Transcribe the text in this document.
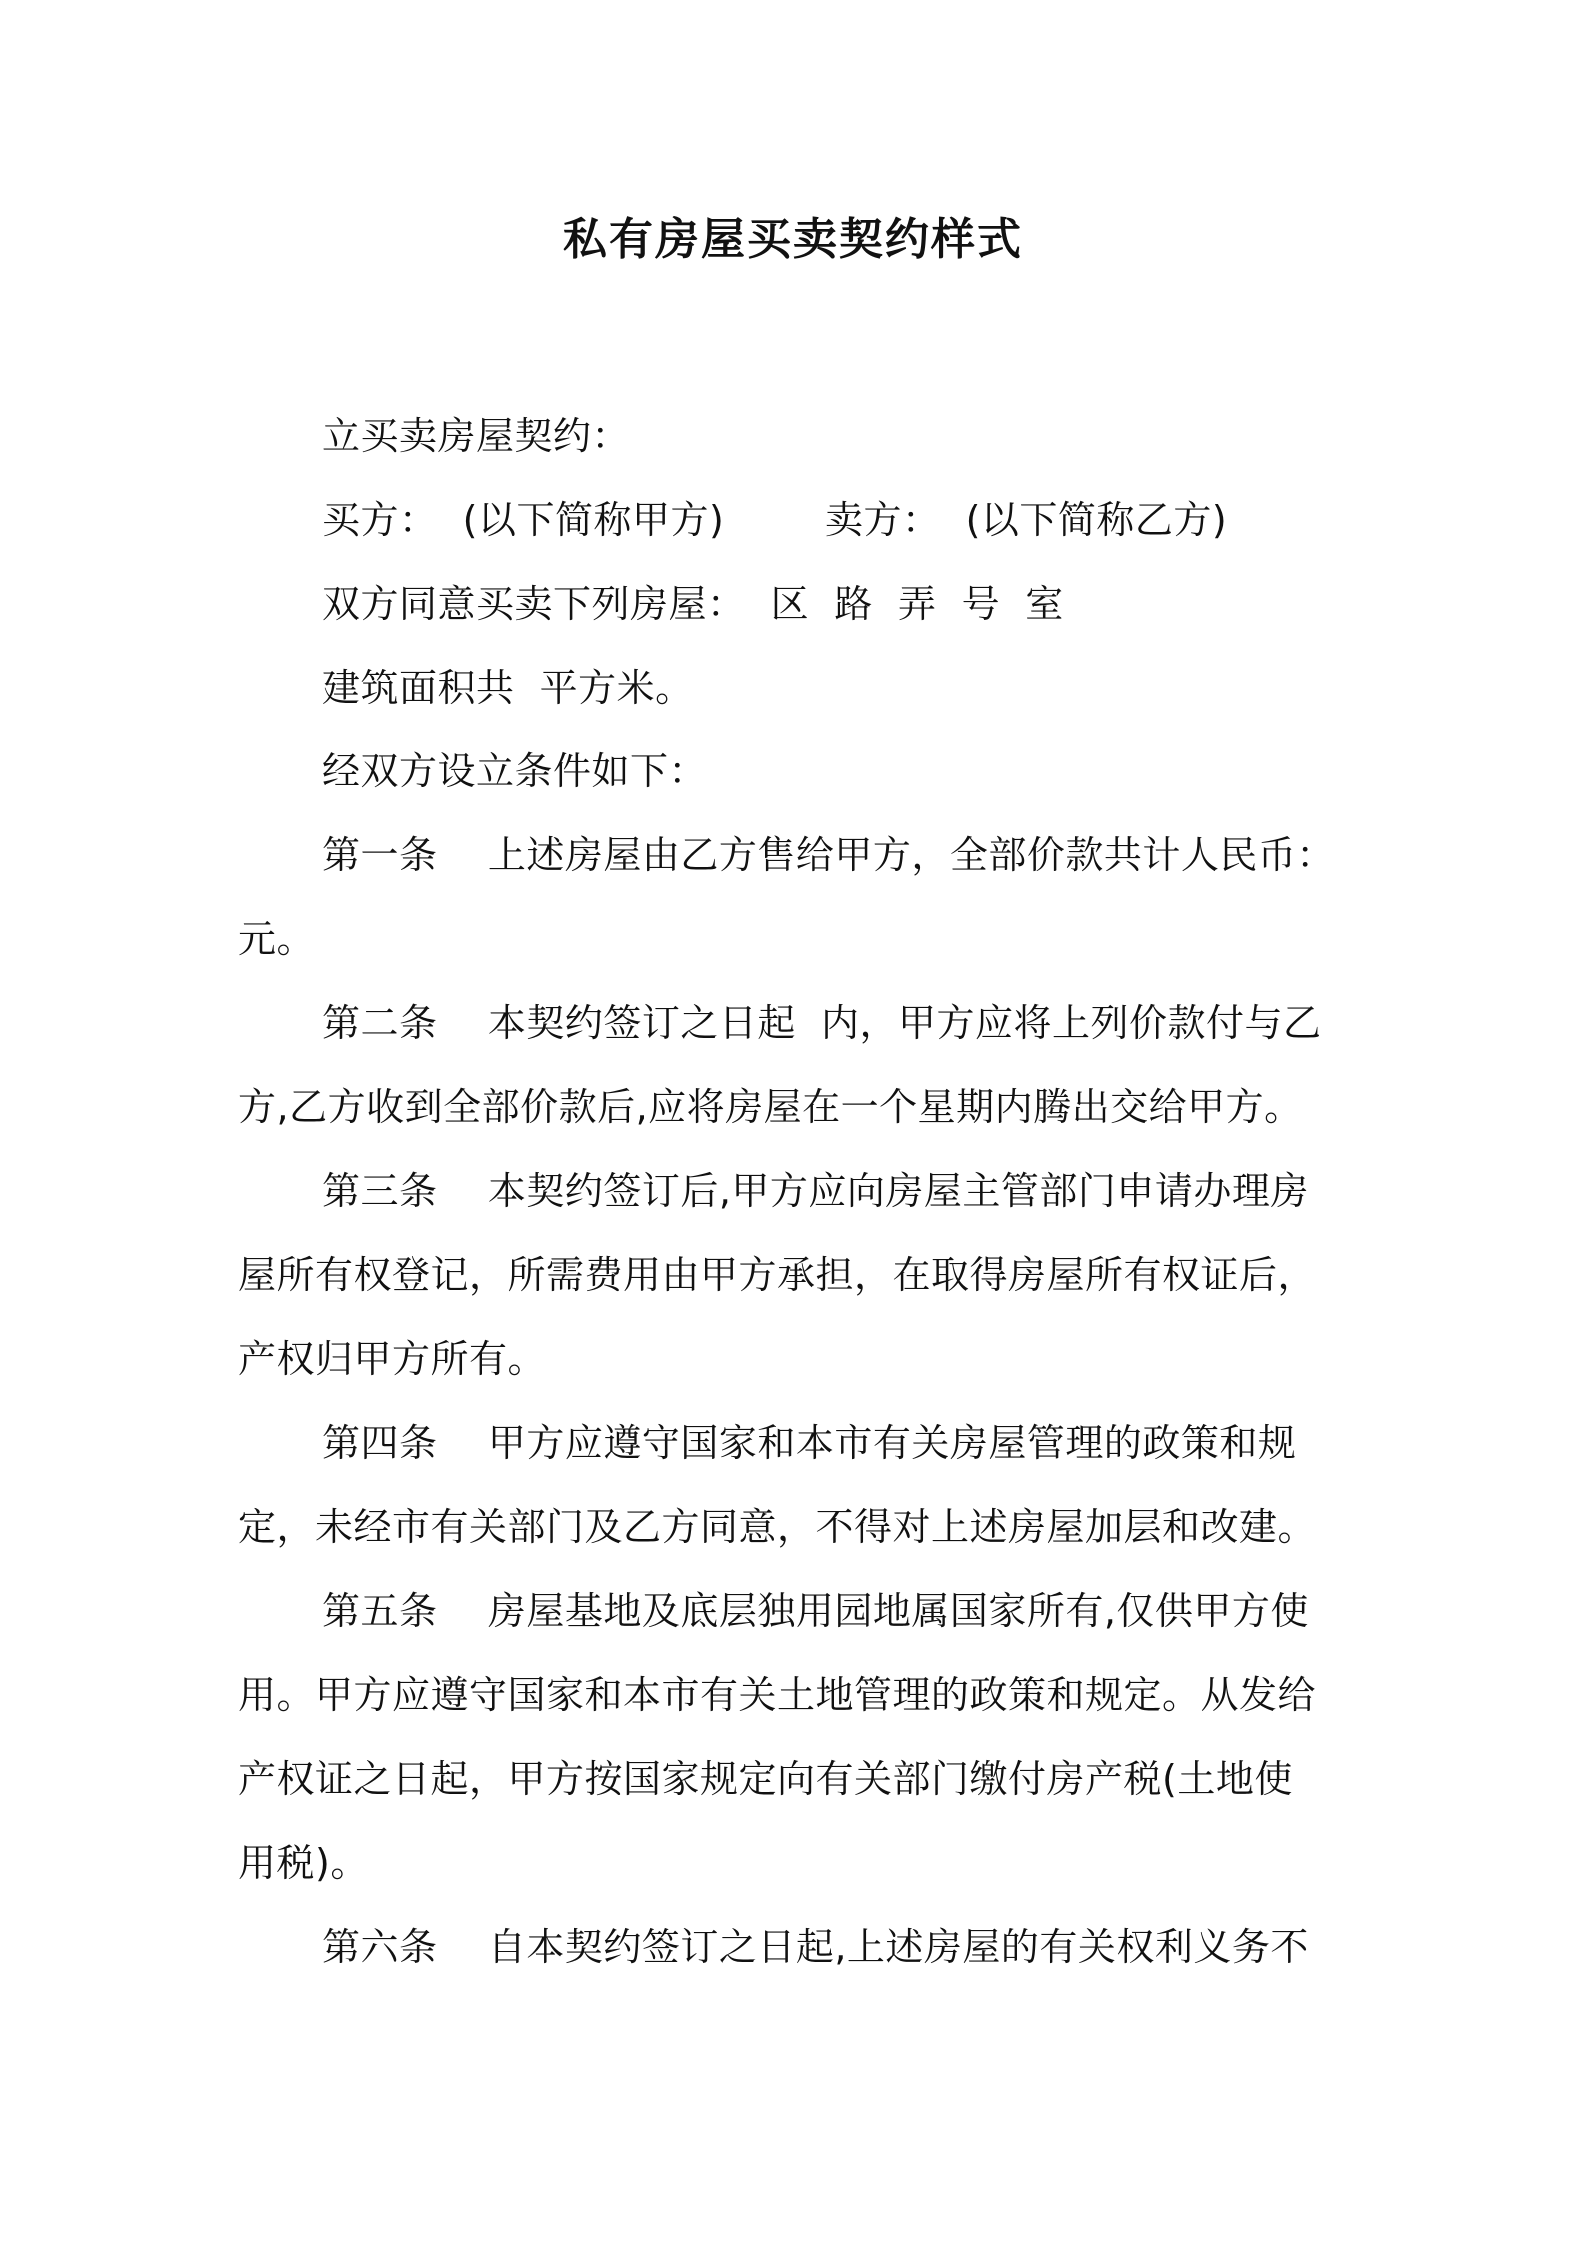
私有房屋买卖契约样式
立买卖房屋契约：
买方：  (以下简称甲方)        卖方：  (以下简称乙方)
双方同意买卖下列房屋：  区  路  弄  号  室
建筑面积共  平方米。
经双方设立条件如下：
第一条    上述房屋由乙方售给甲方，全部价款共计人民币：
元。
第二条    本契约签订之日起  内，甲方应将上列价款付与乙
方,乙方收到全部价款后,应将房屋在一个星期内腾出交给甲方。
第三条    本契约签订后,甲方应向房屋主管部门申请办理房
屋所有权登记，所需费用由甲方承担，在取得房屋所有权证后，
产权归甲方所有。
第四条    甲方应遵守国家和本市有关房屋管理的政策和规
定，未经市有关部门及乙方同意，不得对上述房屋加层和改建。
第五条    房屋基地及底层独用园地属国家所有,仅供甲方使
用。甲方应遵守国家和本市有关土地管理的政策和规定。从发给
产权证之日起，甲方按国家规定向有关部门缴付房产税(土地使
用税)。
第六条    自本契约签订之日起,上述房屋的有关权利义务不
